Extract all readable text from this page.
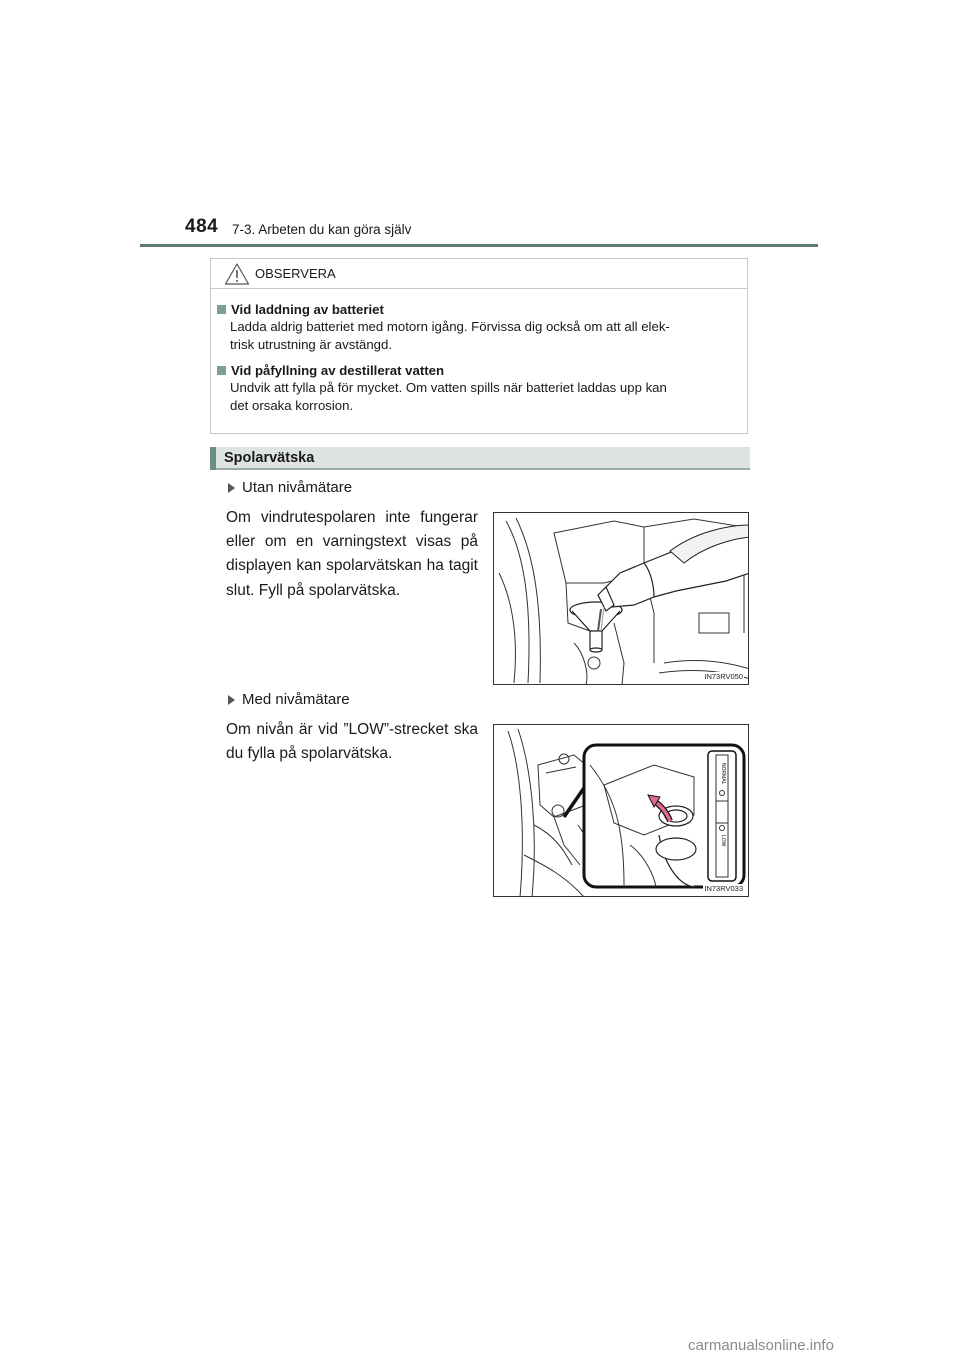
484 7-3. Arbeten du kan göra själv
OBSERVERA
Vid laddning av batteriet
Ladda aldrig batteriet med motorn igång. Förvissa dig också om att all elek-
trisk utrustning är avstängd.
Vid påfyllning av destillerat vatten
Undvik att fylla på för mycket. Om vatten spills när batteriet laddas upp kan
det orsaka korrosion.
Spolarvätska
Utan nivåmätare
Om vindrutespolaren inte fungerar eller om en varningstext visas på displayen kan spolarvätskan ha tagit slut. Fyll på spolarvätska.
IN73RV050
Med nivåmätare
Om nivån är vid ”LOW”-strecket ska du fylla på spolarvätska.
NORMAL
LOW
IN73RV033
carmanualsonline.info
